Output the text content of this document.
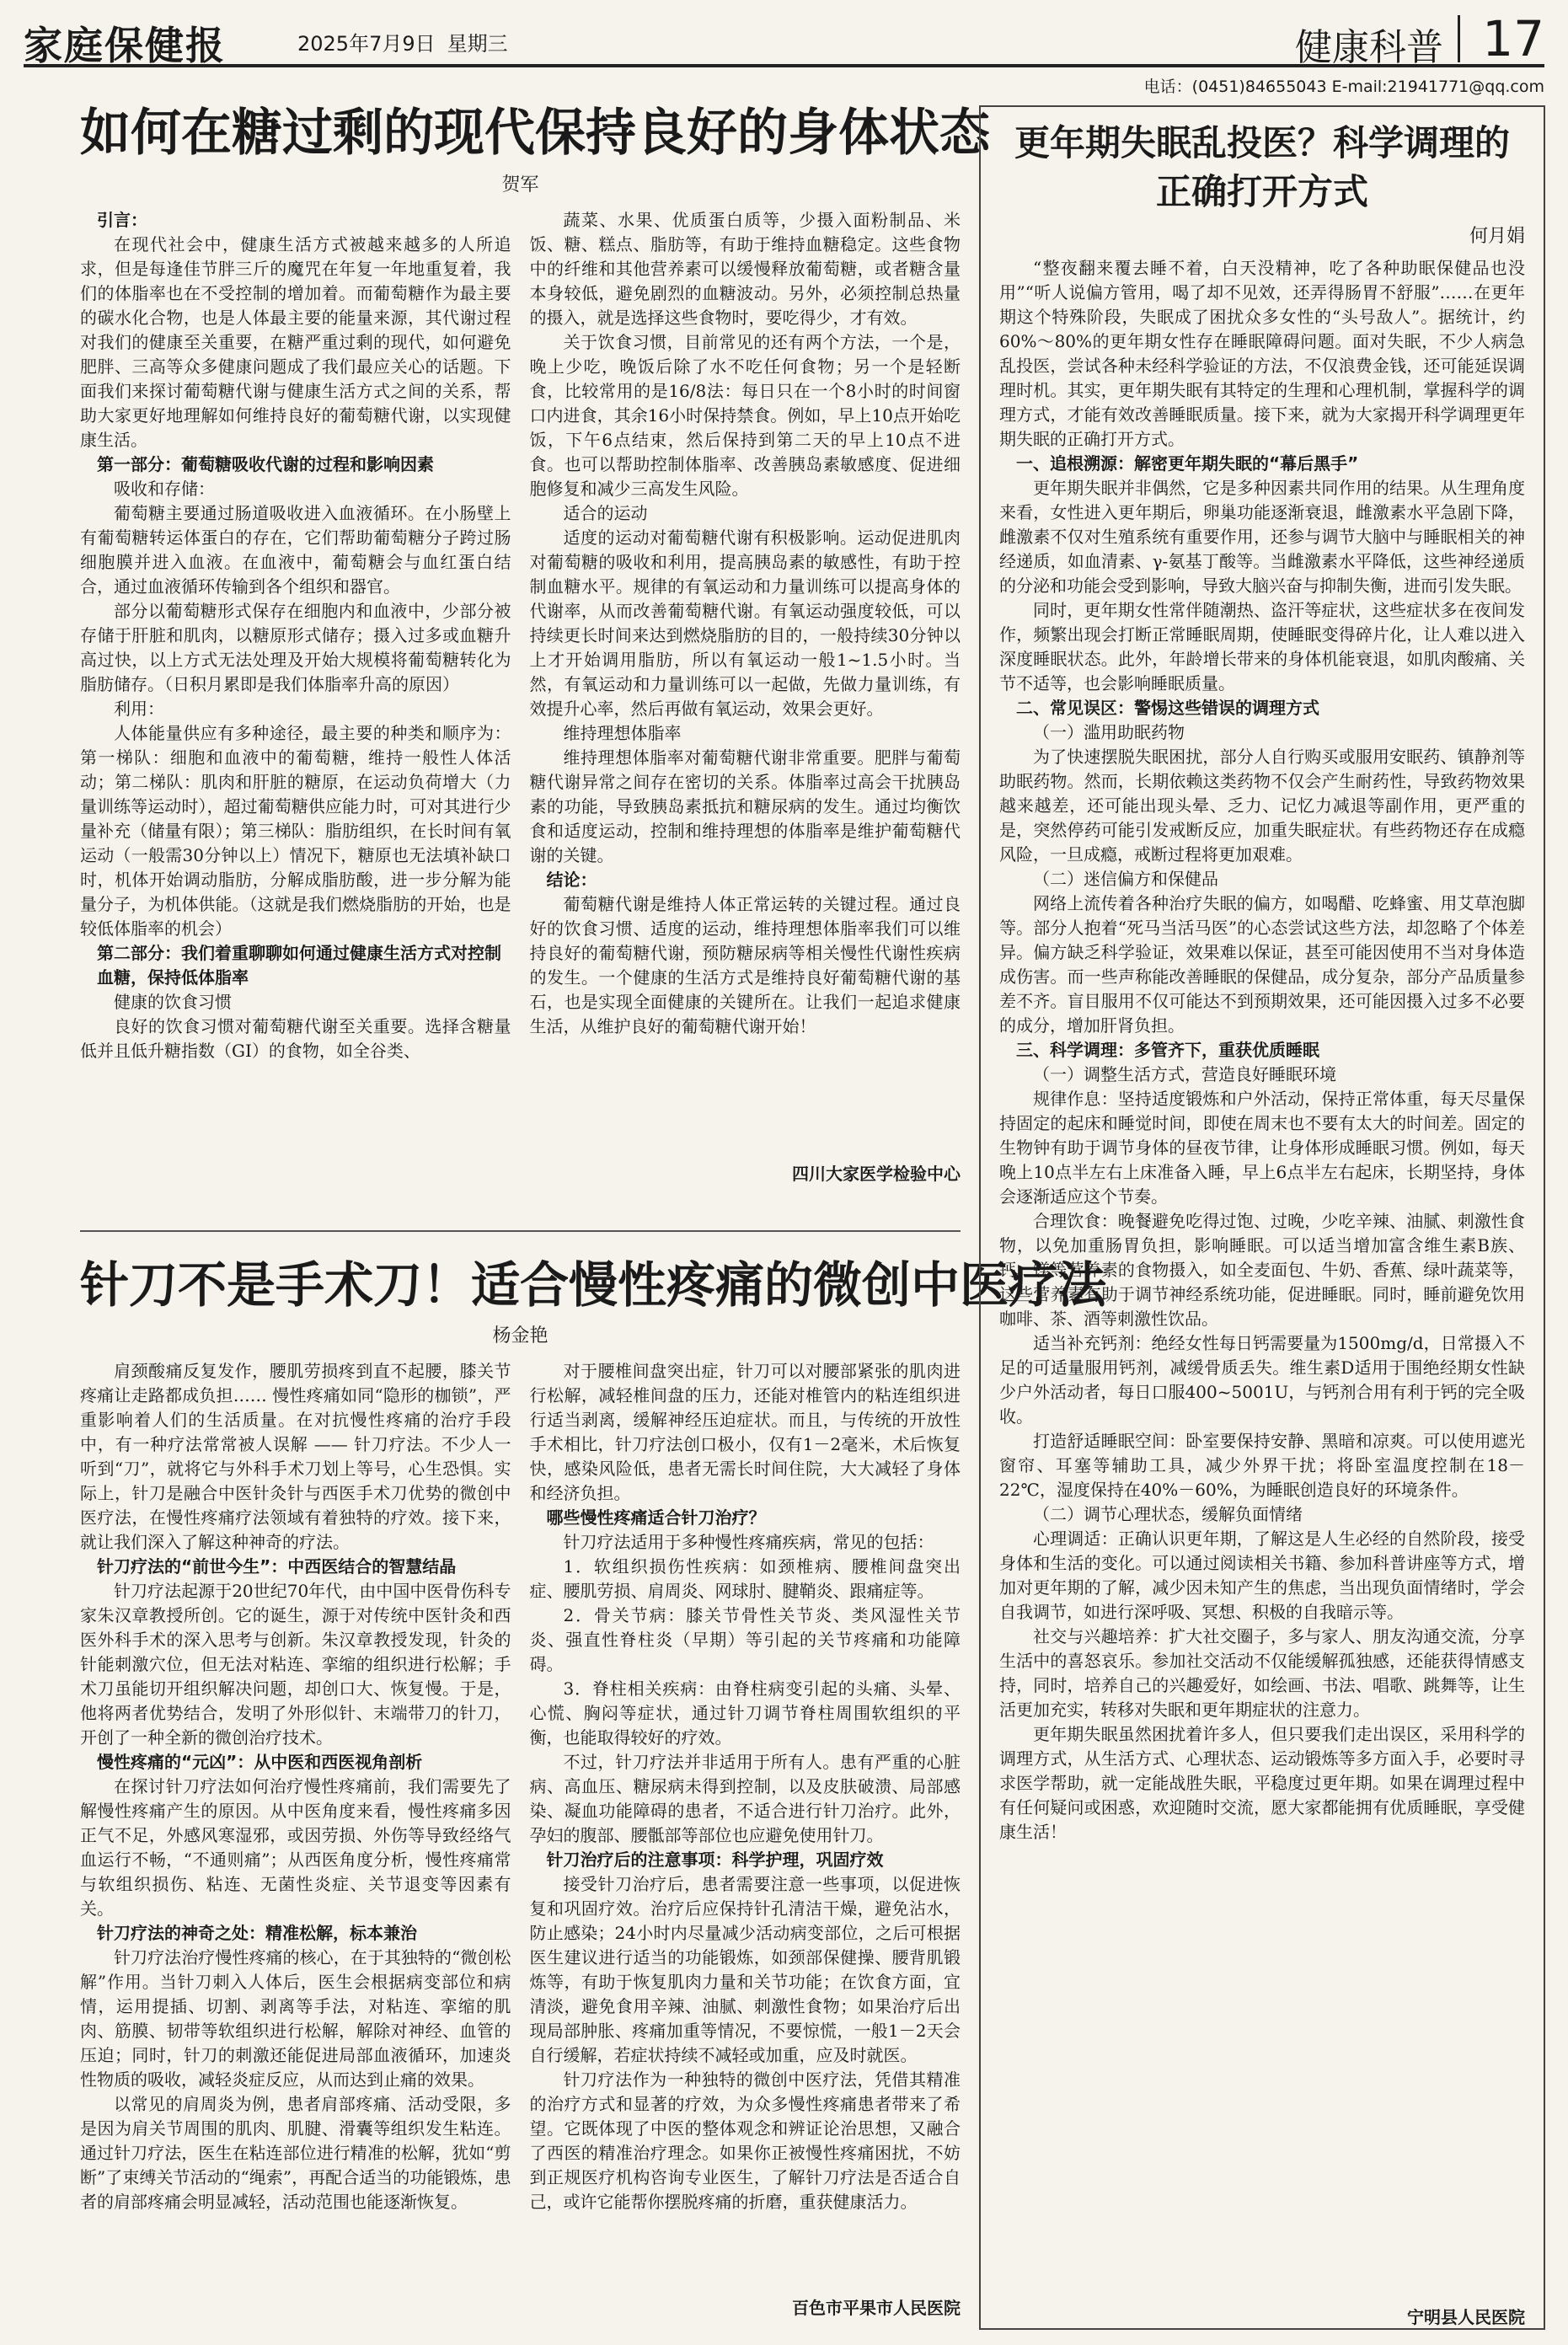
家庭保健报	2025年7月9日 星期三	健康科普 17
电话：(0451)84655043 E-mail:21941771@qq.com
如何在糖过剩的现代保持良好的身体状态
贺军
引言：
在现代社会中，健康生活方式被越来越多的人所追求，但是每逢佳节胖三斤的魔咒在年复一年地重复着，我们的体脂率也在不受控制的增加着。而葡萄糖作为最主要的碳水化合物，也是人体最主要的能量来源，其代谢过程对我们的健康至关重要，在糖严重过剩的现代，如何避免肥胖、三高等众多健康问题成了我们最应关心的话题。下面我们来探讨葡萄糖代谢与健康生活方式之间的关系，帮助大家更好地理解如何维持良好的葡萄糖代谢，以实现健康生活。
第一部分：葡萄糖吸收代谢的过程和影响因素
吸收和存储：
葡萄糖主要通过肠道吸收进入血液循环。在小肠壁上有葡萄糖转运体蛋白的存在，它们帮助葡萄糖分子跨过肠细胞膜并进入血液。在血液中，葡萄糖会与血红蛋白结合，通过血液循环传输到各个组织和器官。
部分以葡萄糖形式保存在细胞内和血液中，少部分被存储于肝脏和肌肉，以糖原形式储存；摄入过多或血糖升高过快，以上方式无法处理及开始大规模将葡萄糖转化为脂肪储存。（日积月累即是我们体脂率升高的原因）
利用：
人体能量供应有多种途径，最主要的种类和顺序为：第一梯队：细胞和血液中的葡萄糖，维持一般性人体活动；第二梯队：肌肉和肝脏的糖原，在运动负荷增大（力量训练等运动时），超过葡萄糖供应能力时，可对其进行少量补充（储量有限）；第三梯队：脂肪组织，在长时间有氧运动（一般需30分钟以上）情况下，糖原也无法填补缺口时，机体开始调动脂肪，分解成脂肪酸，进一步分解为能量分子，为机体供能。（这就是我们燃烧脂肪的开始，也是较低体脂率的机会）
第二部分：我们着重聊聊如何通过健康生活方式对控制血糖，保持低体脂率
健康的饮食习惯
良好的饮食习惯对葡萄糖代谢至关重要。选择含糖量低并且低升糖指数（GI）的食物，如全谷类、
蔬菜、水果、优质蛋白质等，少摄入面粉制品、米饭、糖、糕点、脂肪等，有助于维持血糖稳定。这些食物中的纤维和其他营养素可以缓慢释放葡萄糖，或者糖含量本身较低，避免剧烈的血糖波动。另外，必须控制总热量的摄入，就是选择这些食物时，要吃得少，才有效。
关于饮食习惯，目前常见的还有两个方法，一个是，晚上少吃，晚饭后除了水不吃任何食物；另一个是轻断食，比较常用的是16/8法：每日只在一个8小时的时间窗口内进食，其余16小时保持禁食。例如，早上10点开始吃饭，下午6点结束，然后保持到第二天的早上10点不进食。也可以帮助控制体脂率、改善胰岛素敏感度、促进细胞修复和减少三高发生风险。
适合的运动
适度的运动对葡萄糖代谢有积极影响。运动促进肌肉对葡萄糖的吸收和利用，提高胰岛素的敏感性，有助于控制血糖水平。规律的有氧运动和力量训练可以提高身体的代谢率，从而改善葡萄糖代谢。有氧运动强度较低，可以持续更长时间来达到燃烧脂肪的目的，一般持续30分钟以上才开始调用脂肪，所以有氧运动一般1~1.5小时。当然，有氧运动和力量训练可以一起做，先做力量训练，有效提升心率，然后再做有氧运动，效果会更好。
维持理想体脂率
维持理想体脂率对葡萄糖代谢非常重要。肥胖与葡萄糖代谢异常之间存在密切的关系。体脂率过高会干扰胰岛素的功能，导致胰岛素抵抗和糖尿病的发生。通过均衡饮食和适度运动，控制和维持理想的体脂率是维护葡萄糖代谢的关键。
结论：
葡萄糖代谢是维持人体正常运转的关键过程。通过良好的饮食习惯、适度的运动，维持理想体脂率我们可以维持良好的葡萄糖代谢，预防糖尿病等相关慢性代谢性疾病的发生。一个健康的生活方式是维持良好葡萄糖代谢的基石，也是实现全面健康的关键所在。让我们一起追求健康生活，从维护良好的葡萄糖代谢开始！
四川大家医学检验中心
针刀不是手术刀！适合慢性疼痛的微创中医疗法
杨金艳
肩颈酸痛反复发作，腰肌劳损疼到直不起腰，膝关节疼痛让走路都成负担…… 慢性疼痛如同“隐形的枷锁”，严重影响着人们的生活质量。在对抗慢性疼痛的治疗手段中，有一种疗法常常被人误解 —— 针刀疗法。不少人一听到“刀”，就将它与外科手术刀划上等号，心生恐惧。实际上，针刀是融合中医针灸针与西医手术刀优势的微创中医疗法，在慢性疼痛疗法领域有着独特的疗效。接下来，就让我们深入了解这种神奇的疗法。
针刀疗法的“前世今生”：中西医结合的智慧结晶
针刀疗法起源于20世纪70年代，由中国中医骨伤科专家朱汉章教授所创。它的诞生，源于对传统中医针灸和西医外科手术的深入思考与创新。朱汉章教授发现，针灸的针能刺激穴位，但无法对粘连、挛缩的组织进行松解；手术刀虽能切开组织解决问题，却创口大、恢复慢。于是，他将两者优势结合，发明了外形似针、末端带刀的针刀，开创了一种全新的微创治疗技术。
慢性疼痛的“元凶”：从中医和西医视角剖析
在探讨针刀疗法如何治疗慢性疼痛前，我们需要先了解慢性疼痛产生的原因。从中医角度来看，慢性疼痛多因正气不足，外感风寒湿邪，或因劳损、外伤等导致经络气血运行不畅，“不通则痛”；从西医角度分析，慢性疼痛常与软组织损伤、粘连、无菌性炎症、关节退变等因素有关。
针刀疗法的神奇之处：精准松解，标本兼治
针刀疗法治疗慢性疼痛的核心，在于其独特的“微创松解”作用。当针刀刺入人体后，医生会根据病变部位和病情，运用提插、切割、剥离等手法，对粘连、挛缩的肌肉、筋膜、韧带等软组织进行松解，解除对神经、血管的压迫；同时，针刀的刺激还能促进局部血液循环，加速炎性物质的吸收，减轻炎症反应，从而达到止痛的效果。
以常见的肩周炎为例，患者肩部疼痛、活动受限，多是因为肩关节周围的肌肉、肌腱、滑囊等组织发生粘连。通过针刀疗法，医生在粘连部位进行精准的松解，犹如“剪断”了束缚关节活动的“绳索”，再配合适当的功能锻炼，患者的肩部疼痛会明显减轻，活动范围也能逐渐恢复。
对于腰椎间盘突出症，针刀可以对腰部紧张的肌肉进行松解，减轻椎间盘的压力，还能对椎管内的粘连组织进行适当剥离，缓解神经压迫症状。而且，与传统的开放性手术相比，针刀疗法创口极小，仅有1－2毫米，术后恢复快，感染风险低，患者无需长时间住院，大大减轻了身体和经济负担。
哪些慢性疼痛适合针刀治疗？
针刀疗法适用于多种慢性疼痛疾病，常见的包括：
1．软组织损伤性疾病：如颈椎病、腰椎间盘突出症、腰肌劳损、肩周炎、网球肘、腱鞘炎、跟痛症等。
2．骨关节病：膝关节骨性关节炎、类风湿性关节炎、强直性脊柱炎（早期）等引起的关节疼痛和功能障碍。
3．脊柱相关疾病：由脊柱病变引起的头痛、头晕、心慌、胸闷等症状，通过针刀调节脊柱周围软组织的平衡，也能取得较好的疗效。
不过，针刀疗法并非适用于所有人。患有严重的心脏病、高血压、糖尿病未得到控制，以及皮肤破溃、局部感染、凝血功能障碍的患者，不适合进行针刀治疗。此外，孕妇的腹部、腰骶部等部位也应避免使用针刀。
针刀治疗后的注意事项：科学护理，巩固疗效
接受针刀治疗后，患者需要注意一些事项，以促进恢复和巩固疗效。治疗后应保持针孔清洁干燥，避免沾水，防止感染；24小时内尽量减少活动病变部位，之后可根据医生建议进行适当的功能锻炼，如颈部保健操、腰背肌锻炼等，有助于恢复肌肉力量和关节功能；在饮食方面，宜清淡，避免食用辛辣、油腻、刺激性食物；如果治疗后出现局部肿胀、疼痛加重等情况，不要惊慌，一般1－2天会自行缓解，若症状持续不减轻或加重，应及时就医。
针刀疗法作为一种独特的微创中医疗法，凭借其精准的治疗方式和显著的疗效，为众多慢性疼痛患者带来了希望。它既体现了中医的整体观念和辨证论治思想，又融合了西医的精准治疗理念。如果你正被慢性疼痛困扰，不妨到正规医疗机构咨询专业医生，了解针刀疗法是否适合自己，或许它能帮你摆脱疼痛的折磨，重获健康活力。
百色市平果市人民医院
更年期失眠乱投医？科学调理的正确打开方式
何月娟
“整夜翻来覆去睡不着，白天没精神，吃了各种助眠保健品也没用”“听人说偏方管用，喝了却不见效，还弄得肠胃不舒服”……在更年期这个特殊阶段，失眠成了困扰众多女性的“头号敌人”。据统计，约60%～80%的更年期女性存在睡眠障碍问题。面对失眠，不少人病急乱投医，尝试各种未经科学验证的方法，不仅浪费金钱，还可能延误调理时机。其实，更年期失眠有其特定的生理和心理机制，掌握科学的调理方式，才能有效改善睡眠质量。接下来，就为大家揭开科学调理更年期失眠的正确打开方式。
一、追根溯源：解密更年期失眠的“幕后黑手”
更年期失眠并非偶然，它是多种因素共同作用的结果。从生理角度来看，女性进入更年期后，卵巢功能逐渐衰退，雌激素水平急剧下降，雌激素不仅对生殖系统有重要作用，还参与调节大脑中与睡眠相关的神经递质，如血清素、γ-氨基丁酸等。当雌激素水平降低，这些神经递质的分泌和功能会受到影响，导致大脑兴奋与抑制失衡，进而引发失眠。
同时，更年期女性常伴随潮热、盗汗等症状，这些症状多在夜间发作，频繁出现会打断正常睡眠周期，使睡眠变得碎片化，让人难以进入深度睡眠状态。此外，年龄增长带来的身体机能衰退，如肌肉酸痛、关节不适等，也会影响睡眠质量。
二、常见误区：警惕这些错误的调理方式
（一）滥用助眠药物
为了快速摆脱失眠困扰，部分人自行购买或服用安眠药、镇静剂等助眠药物。然而，长期依赖这类药物不仅会产生耐药性，导致药物效果越来越差，还可能出现头晕、乏力、记忆力减退等副作用，更严重的是，突然停药可能引发戒断反应，加重失眠症状。有些药物还存在成瘾风险，一旦成瘾，戒断过程将更加艰难。
（二）迷信偏方和保健品
网络上流传着各种治疗失眠的偏方，如喝醋、吃蜂蜜、用艾草泡脚等。部分人抱着“死马当活马医”的心态尝试这些方法，却忽略了个体差异。偏方缺乏科学验证，效果难以保证，甚至可能因使用不当对身体造成伤害。而一些声称能改善睡眠的保健品，成分复杂，部分产品质量参差不齐。盲目服用不仅可能达不到预期效果，还可能因摄入过多不必要的成分，增加肝肾负担。
三、科学调理：多管齐下，重获优质睡眠
（一）调整生活方式，营造良好睡眠环境
规律作息：坚持适度锻炼和户外活动，保持正常体重，每天尽量保持固定的起床和睡觉时间，即使在周末也不要有太大的时间差。固定的生物钟有助于调节身体的昼夜节律，让身体形成睡眠习惯。例如，每天晚上10点半左右上床准备入睡，早上6点半左右起床，长期坚持，身体会逐渐适应这个节奏。
合理饮食：晚餐避免吃得过饱、过晚，少吃辛辣、油腻、刺激性食物，以免加重肠胃负担，影响睡眠。可以适当增加富含维生素B族、钙、镁等营养素的食物摄入，如全麦面包、牛奶、香蕉、绿叶蔬菜等，这些营养素有助于调节神经系统功能，促进睡眠。同时，睡前避免饮用咖啡、茶、酒等刺激性饮品。
适当补充钙剂：绝经女性每日钙需要量为1500mg/d，日常摄入不足的可适量服用钙剂，减缓骨质丢失。维生素D适用于围绝经期女性缺少户外活动者，每日口服400~5001U，与钙剂合用有利于钙的完全吸收。
打造舒适睡眠空间：卧室要保持安静、黑暗和凉爽。可以使用遮光窗帘、耳塞等辅助工具，减少外界干扰；将卧室温度控制在18－22℃，湿度保持在40%－60%，为睡眠创造良好的环境条件。
（二）调节心理状态，缓解负面情绪
心理调适：正确认识更年期，了解这是人生必经的自然阶段，接受身体和生活的变化。可以通过阅读相关书籍、参加科普讲座等方式，增加对更年期的了解，减少因未知产生的焦虑，当出现负面情绪时，学会自我调节，如进行深呼吸、冥想、积极的自我暗示等。
社交与兴趣培养：扩大社交圈子，多与家人、朋友沟通交流，分享生活中的喜怒哀乐。参加社交活动不仅能缓解孤独感，还能获得情感支持，同时，培养自己的兴趣爱好，如绘画、书法、唱歌、跳舞等，让生活更加充实，转移对失眠和更年期症状的注意力。
更年期失眠虽然困扰着许多人，但只要我们走出误区，采用科学的调理方式，从生活方式、心理状态、运动锻炼等多方面入手，必要时寻求医学帮助，就一定能战胜失眠，平稳度过更年期。如果在调理过程中有任何疑问或困惑，欢迎随时交流，愿大家都能拥有优质睡眠，享受健康生活！
宁明县人民医院
